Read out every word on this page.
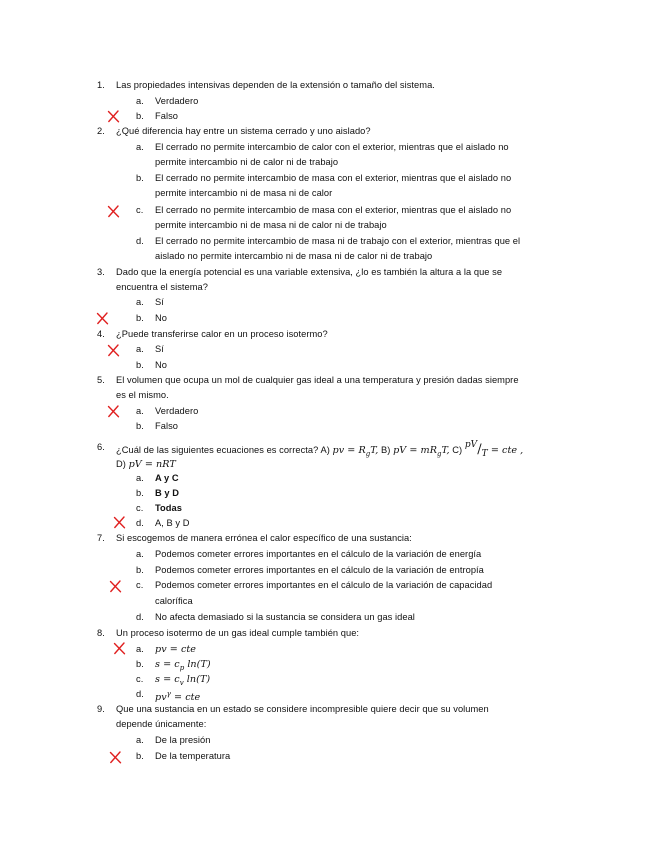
1. Las propiedades intensivas dependen de la extensión o tamaño del sistema.
a. Verdadero
b. Falso
2. ¿Qué diferencia hay entre un sistema cerrado y uno aislado?
a. El cerrado no permite intercambio de calor con el exterior, mientras que el aislado no
permite intercambio ni de calor ni de trabajo
b. El cerrado no permite intercambio de masa con el exterior, mientras que el aislado no
permite intercambio ni de masa ni de calor
c. El cerrado no permite intercambio de masa con el exterior, mientras que el aislado no
permite intercambio ni de masa ni de calor ni de trabajo
d. El cerrado no permite intercambio de masa ni de trabajo con el exterior, mientras que el
aislado no permite intercambio ni de masa ni de calor ni de trabajo
3. Dado que la energía potencial es una variable extensiva, ¿lo es también la altura a la que se
encuentra el sistema?
a. Sí
b. No
4. ¿Puede transferirse calor en un proceso isotermo?
a. Sí
b. No
5. El volumen que ocupa un mol de cualquier gas ideal a una temperatura y presión dadas siempre
es el mismo.
a. Verdadero
b. Falso
6. ¿Cuál de las siguientes ecuaciones es correcta? A) pv = $R_gT$, B) pV = $mR_gT$, C) $^{pV}/_T$ = cte ,
D) pV = nRT
a. A y C
b. B y D
c. Todas
d. A, B y D
7. Si escogemos de manera errónea el calor específico de una sustancia:
a. Podemos cometer errores importantes en el cálculo de la variación de energía
b. Podemos cometer errores importantes en el cálculo de la variación de entropía
c. Podemos cometer errores importantes en el cálculo de la variación de capacidad
calorífica
d. No afecta demasiado si la sustancia se considera un gas ideal
8. Un proceso isotermo de un gas ideal cumple también que:
a. pv = cte
b. $s = c_p$ ln(T)
c. $s = c_v$ ln(T)
d. $pv^\gamma$ = cte
9. Que una sustancia en un estado se considere incompresible quiere decir que su volumen
depende únicamente:
a. De la presión
b. De la temperatura
